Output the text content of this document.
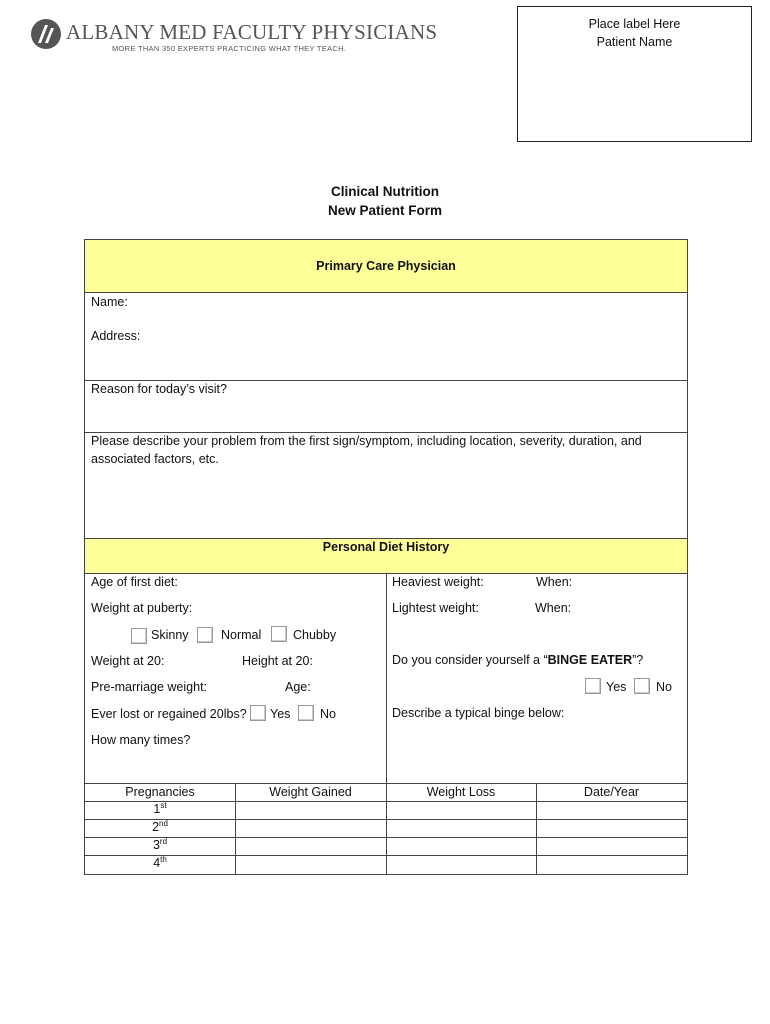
ALBANY MED FACULTY PHYSICIANS
MORE THAN 350 EXPERTS PRACTICING WHAT THEY TEACH.
Place label Here
Patient Name
Clinical Nutrition
New Patient Form
Primary Care Physician
Name:
Address:
Reason for today’s visit?
Please describe your problem from the first sign/symptom, including location, severity, duration, and
associated factors, etc.
Personal Diet History
Age of first diet:
Weight at puberty:
Skinny	Normal	Chubby
Weight at 20:	Height at 20:
Pre-marriage weight:	Age:
Ever lost or regained 20lbs? Yes No
How many times?
Heaviest weight:	When:
Lightest weight:	When:
Do you consider yourself a “BINGE EATER”?
Yes No
Describe a typical binge below:
Pregnancies	Weight Gained	Weight Loss	Date/Year
1st
2nd
3rd
4th
